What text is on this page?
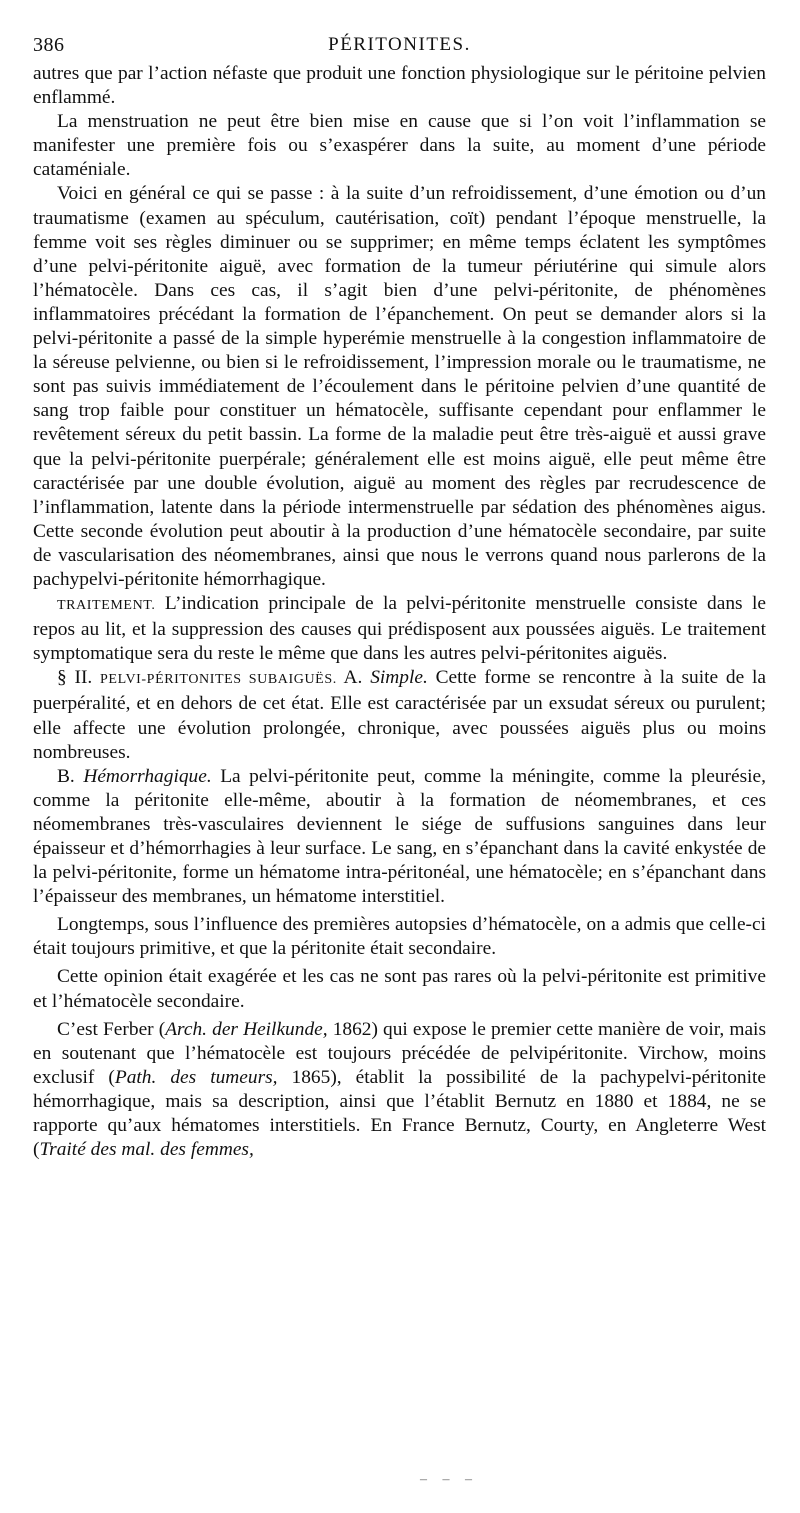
386	PÉRITONITES.

autres que par l’action néfaste que produit une fonction physiologique sur le péritoine pelvien enflammé.

La menstruation ne peut être bien mise en cause que si l’on voit l’inflammation se manifester une première fois ou s’exaspérer dans la suite, au moment d’une période cataméniale.

Voici en général ce qui se passe : à la suite d’un refroidissement, d’une émotion ou d’un traumatisme (examen au spéculum, cautérisation, coït) pendant l’époque menstruelle, la femme voit ses règles diminuer ou se supprimer; en même temps éclatent les symptômes d’une pelvi-péritonite aiguë, avec formation de la tumeur périutérine qui simule alors l’hématocèle. Dans ces cas, il s’agit bien d’une pelvi-péritonite, de phénomènes inflammatoires précédant la formation de l’épanchement. On peut se demander alors si la pelvi-péritonite a passé de la simple hyperémie menstruelle à la congestion inflammatoire de la séreuse pelvienne, ou bien si le refroidissement, l’impression morale ou le traumatisme, ne sont pas suivis immédiatement de l’écoulement dans le péritoine pelvien d’une quantité de sang trop faible pour constituer un hématocèle, suffisante cependant pour enflammer le revêtement séreux du petit bassin. La forme de la maladie peut être très-aiguë et aussi grave que la pelvi-péritonite puerpérale; généralement elle est moins aiguë, elle peut même être caractérisée par une double évolution, aiguë au moment des règles par recrudescence de l’inflammation, latente dans la période intermenstruelle par sédation des phénomènes aigus. Cette seconde évolution peut aboutir à la production d’une hématocèle secondaire, par suite de vascularisation des néomembranes, ainsi que nous le verrons quand nous parlerons de la pachypelvi-péritonite hémorrhagique.

TRAITEMENT. L’indication principale de la pelvi-péritonite menstruelle consiste dans le repos au lit, et la suppression des causes qui prédisposent aux poussées aiguës. Le traitement symptomatique sera du reste le même que dans les autres pelvi-péritonites aiguës.

§ II. PELVI-PÉRITONITES SUBAIGUËS. A. Simple. Cette forme se rencontre à la suite de la puerpéralité, et en dehors de cet état. Elle est caractérisée par un exsudat séreux ou purulent; elle affecte une évolution prolongée, chronique, avec poussées aiguës plus ou moins nombreuses.

B. Hémorrhagique. La pelvi-péritonite peut, comme la méningite, comme la pleurésie, comme la péritonite elle-même, aboutir à la formation de néomembranes, et ces néomembranes très-vasculaires deviennent le siége de suffusions sanguines dans leur épaisseur et d’hémorrhagies à leur surface. Le sang, en s’épanchant dans la cavité enkystée de la pelvi-péritonite, forme un hématome intra-péritonéal, une hématocèle; en s’épanchant dans l’épaisseur des membranes, un hématome interstitiel.

Longtemps, sous l’influence des premières autopsies d’hématocèle, on a admis que celle-ci était toujours primitive, et que la péritonite était secondaire.

Cette opinion était exagérée et les cas ne sont pas rares où la pelvi-péritonite est primitive et l’hématocèle secondaire.

C’est Ferber (Arch. der Heilkunde, 1862) qui expose le premier cette manière de voir, mais en soutenant que l’hématocèle est toujours précédée de pelvipéritonite. Virchow, moins exclusif (Path. des tumeurs, 1865), établit la possibilité de la pachypelvi-péritonite hémorrhagique, mais sa description, ainsi que l’établit Bernutz en 1880 et 1884, ne se rapporte qu’aux hématomes interstitiels. En France Bernutz, Courty, en Angleterre West (Traité des mal. des femmes,

– – –
